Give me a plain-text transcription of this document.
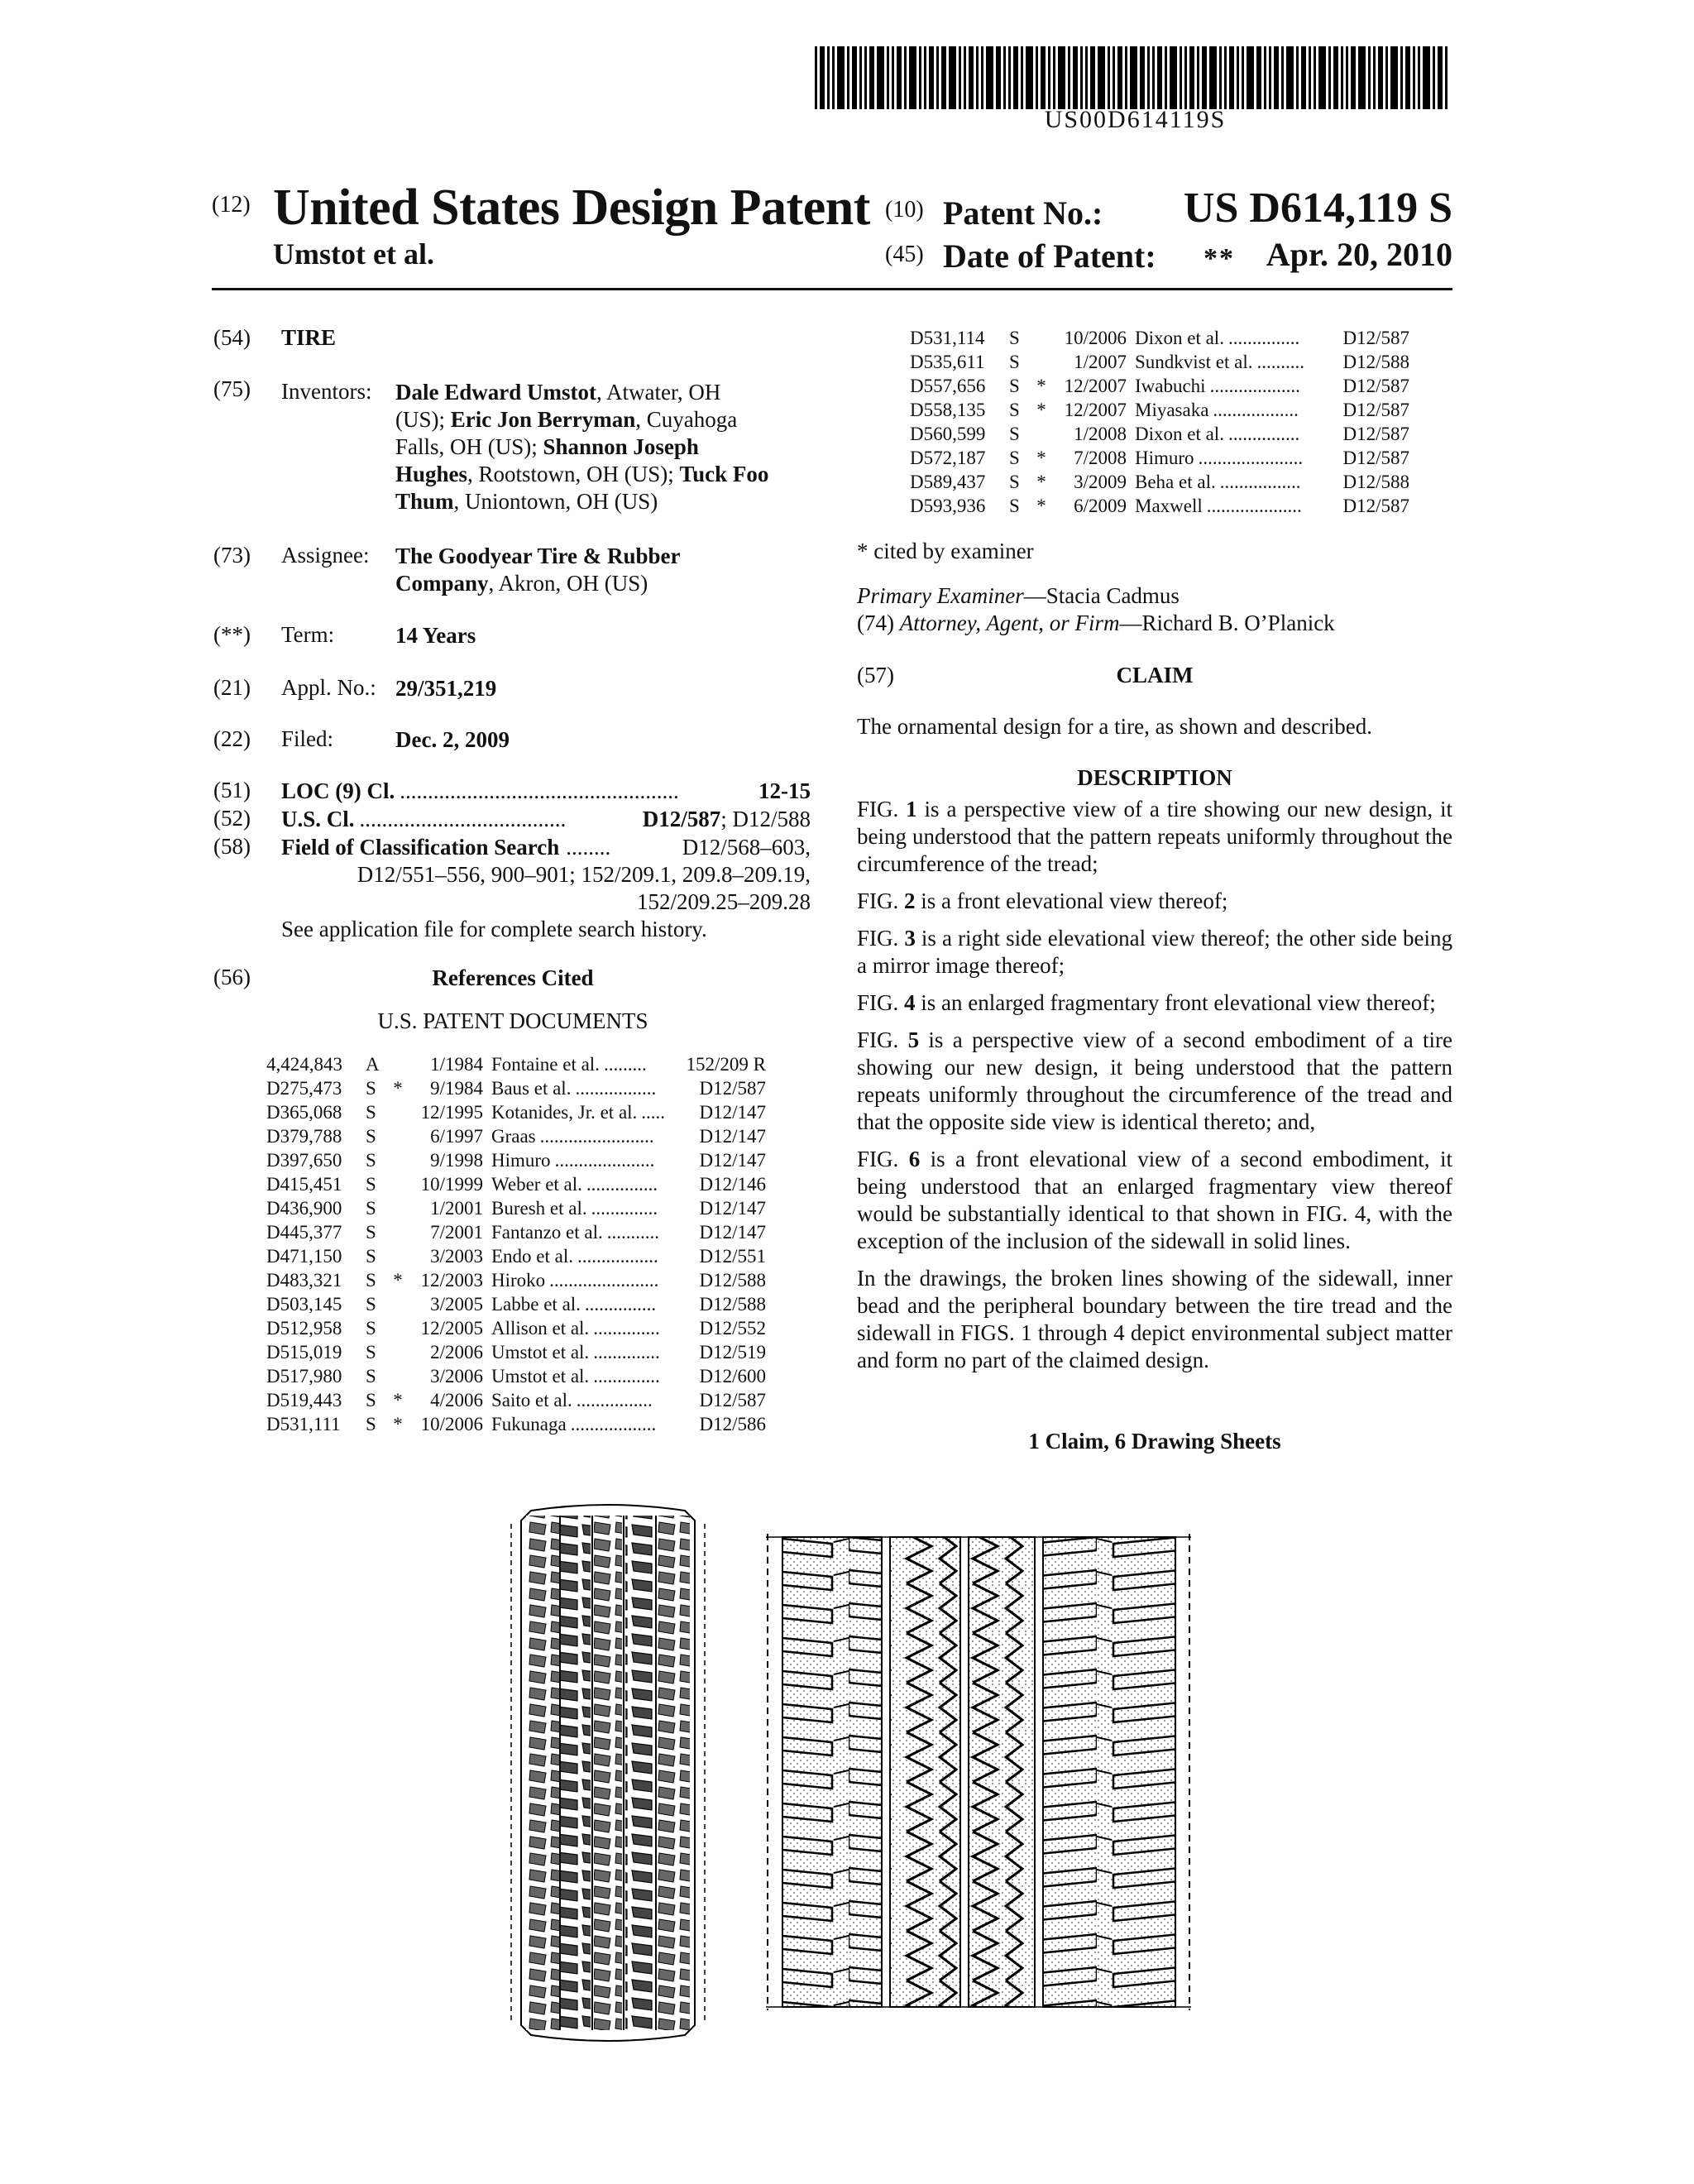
US00D614119S
(12) United States Design Patent
Umstot et al.
(10) Patent No.: US D614,119 S
(45) Date of Patent: ** Apr. 20, 2010
(54) TIRE
(75) Inventors: Dale Edward Umstot, Atwater, OH
(US); Eric Jon Berryman, Cuyahoga
Falls, OH (US); Shannon Joseph
Hughes, Rootstown, OH (US); Tuck Foo
Thum, Uniontown, OH (US)
(73) Assignee: The Goodyear Tire & Rubber
Company, Akron, OH (US)
(**) Term:	14 Years
(21) Appl. No.: 29/351,219
(22) Filed:	Dec. 2, 2009
(51) LOC (9) Cl. ..................................................	12-15
(52) U.S. Cl. .....................................	D12/587 ; D12/588
(58) Field of Classification Search ........	D12/568–603,
D12/551–556, 900–901; 152/209.1, 209.8–209.19,
152/209.25–209.28
See application file for complete search history.
(56)	References Cited
U.S. PATENT DOCUMENTS
4,424,843	A		1/1984	Fontaine et al. .........	152/209 R
D275,473	S	*	9/1984	Baus et al. .................	D12/587
D365,068	S		12/1995	Kotanides, Jr. et al. .....	D12/147
D379,788	S		6/1997	Graas ........................	D12/147
D397,650	S		9/1998	Himuro .....................	D12/147
D415,451	S		10/1999	Weber et al. ...............	D12/146
D436,900	S		1/2001	Buresh et al. ..............	D12/147
D445,377	S		7/2001	Fantanzo et al. ...........	D12/147
D471,150	S		3/2003	Endo et al. .................	D12/551
D483,321	S	*	12/2003	Hiroko .......................	D12/588
D503,145	S		3/2005	Labbe et al. ...............	D12/588
D512,958	S		12/2005	Allison et al. ..............	D12/552
D515,019	S		2/2006	Umstot et al. ..............	D12/519
D517,980	S		3/2006	Umstot et al. ..............	D12/600
D519,443	S	*	4/2006	Saito et al. ................	D12/587
D531,111	S	*	10/2006	Fukunaga ..................	D12/586
D531,114	S		10/2006	Dixon et al. ...............	D12/587
D535,611	S		1/2007	Sundkvist et al. ..........	D12/588
D557,656	S	*	12/2007	Iwabuchi ...................	D12/587
D558,135	S	*	12/2007	Miyasaka ..................	D12/587
D560,599	S		1/2008	Dixon et al. ...............	D12/587
D572,187	S	*	7/2008	Himuro ......................	D12/587
D589,437	S	*	3/2009	Beha et al. .................	D12/588
D593,936	S	*	6/2009	Maxwell ....................	D12/587
* cited by examiner
Primary Examiner—Stacia Cadmus
(74) Attorney, Agent, or Firm—Richard B. O’Planick
(57)	CLAIM
The ornamental design for a tire, as shown and described.
DESCRIPTION
FIG. 1 is a perspective view of a tire showing our new design, it being understood that the pattern repeats uniformly throughout the circumference of the tread;
FIG. 2 is a front elevational view thereof;
FIG. 3 is a right side elevational view thereof; the other side being a mirror image thereof;
FIG. 4 is an enlarged fragmentary front elevational view thereof;
FIG. 5 is a perspective view of a second embodiment of a tire showing our new design, it being understood that the pattern repeats uniformly throughout the circumference of the tread and that the opposite side view is identical thereto; and,
FIG. 6 is a front elevational view of a second embodiment, it being understood that an enlarged fragmentary view thereof would be substantially identical to that shown in FIG. 4, with the exception of the inclusion of the sidewall in solid lines.
In the drawings, the broken lines showing of the sidewall, inner bead and the peripheral boundary between the tire tread and the sidewall in FIGS. 1 through 4 depict environmental subject matter and form no part of the claimed design.
1 Claim, 6 Drawing Sheets
